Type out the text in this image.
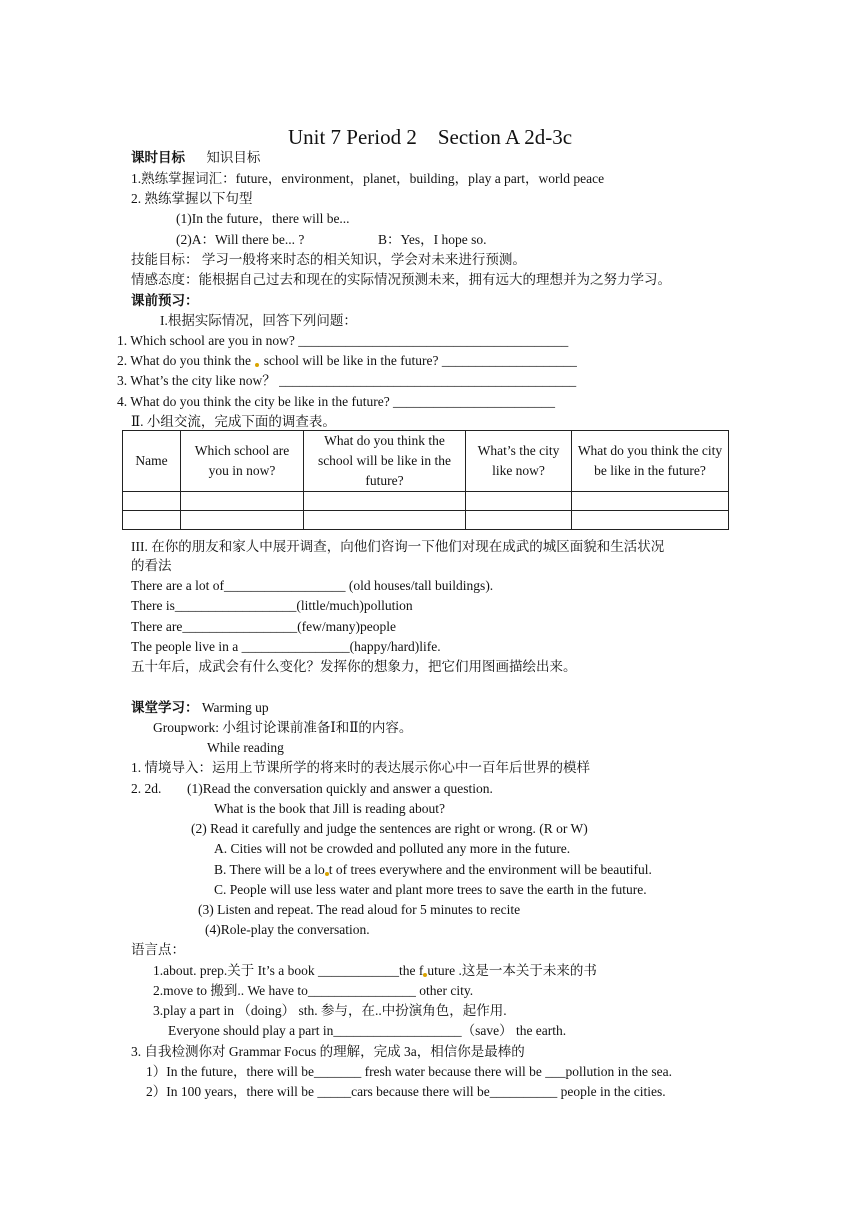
Unit 7 Period 2    Section A 2d-3c
课时目标 知识目标
1.熟练掌握词汇：future，environment，planet，building，play a part，world peace
2. 熟练掌握以下句型
(1)In the future，there will be...
(2)A：Will there be... ?	B：Yes，I hope so.
技能目标： 学习一般将来时态的相关知识，学会对未来进行预测。
情感态度：能根据自己过去和现在的实际情况预测未来，拥有远大的理想并为之努力学习。
课前预习：
I.根据实际情况，回答下列问题：
1. Which school are you in now? ________________________________________
2. What do you think the school will be like in the future? ____________________
3. What’s the city like now？ ____________________________________________
4. What do you think the city be like in the future? ________________________
Ⅱ. 小组交流，完成下面的调查表。
Name	Which school are you in now?	What do you think the school will be like in the future?	What’s the city like now?	What do you think the city be like in the future?

III. 在你的朋友和家人中展开调查，向他们咨询一下他们对现在成武的城区面貌和生活状况
的看法
There are a lot of__________________ (old houses/tall buildings).
There is__________________(little/much)pollution
There are_________________(few/many)people
The people live in a ________________(happy/hard)life.
五十年后，成武会有什么变化？发挥你的想象力，把它们用图画描绘出来。
课堂学习： Warming up
Groupwork: 小组讨论课前准备Ⅰ和Ⅱ的内容。
While reading
1. 情境导入：运用上节课所学的将来时的表达展示你心中一百年后世界的模样
2. 2d. (1)Read the conversation quickly and answer a question.
What is the book that Jill is reading about?
(2) Read it carefully and judge the sentences are right or wrong. (R or W)
A. Cities will not be crowded and polluted any more in the future.
B. There will be a lo t of trees everywhere and the environment will be beautiful.
C. People will use less water and plant more trees to save the earth in the future.
(3) Listen and repeat. The read aloud for 5 minutes to recite
(4)Role-play the conversation.
语言点：
1.about. prep.关于 It’s a book ____________the f uture .这是一本关于未来的书
2.move to 搬到.. We have to________________ other city.
3.play a part in （doing） sth. 参与，在..中扮演角色，起作用.
Everyone should play a part in___________________（save） the earth.
3. 自我检测你对 Grammar Focus 的理解，完成 3a，相信你是最棒的
1）In the future，there will be_______ fresh water because there will be ___pollution in the sea.
2）In 100 years，there will be _____cars because there will be__________ people in the cities.
